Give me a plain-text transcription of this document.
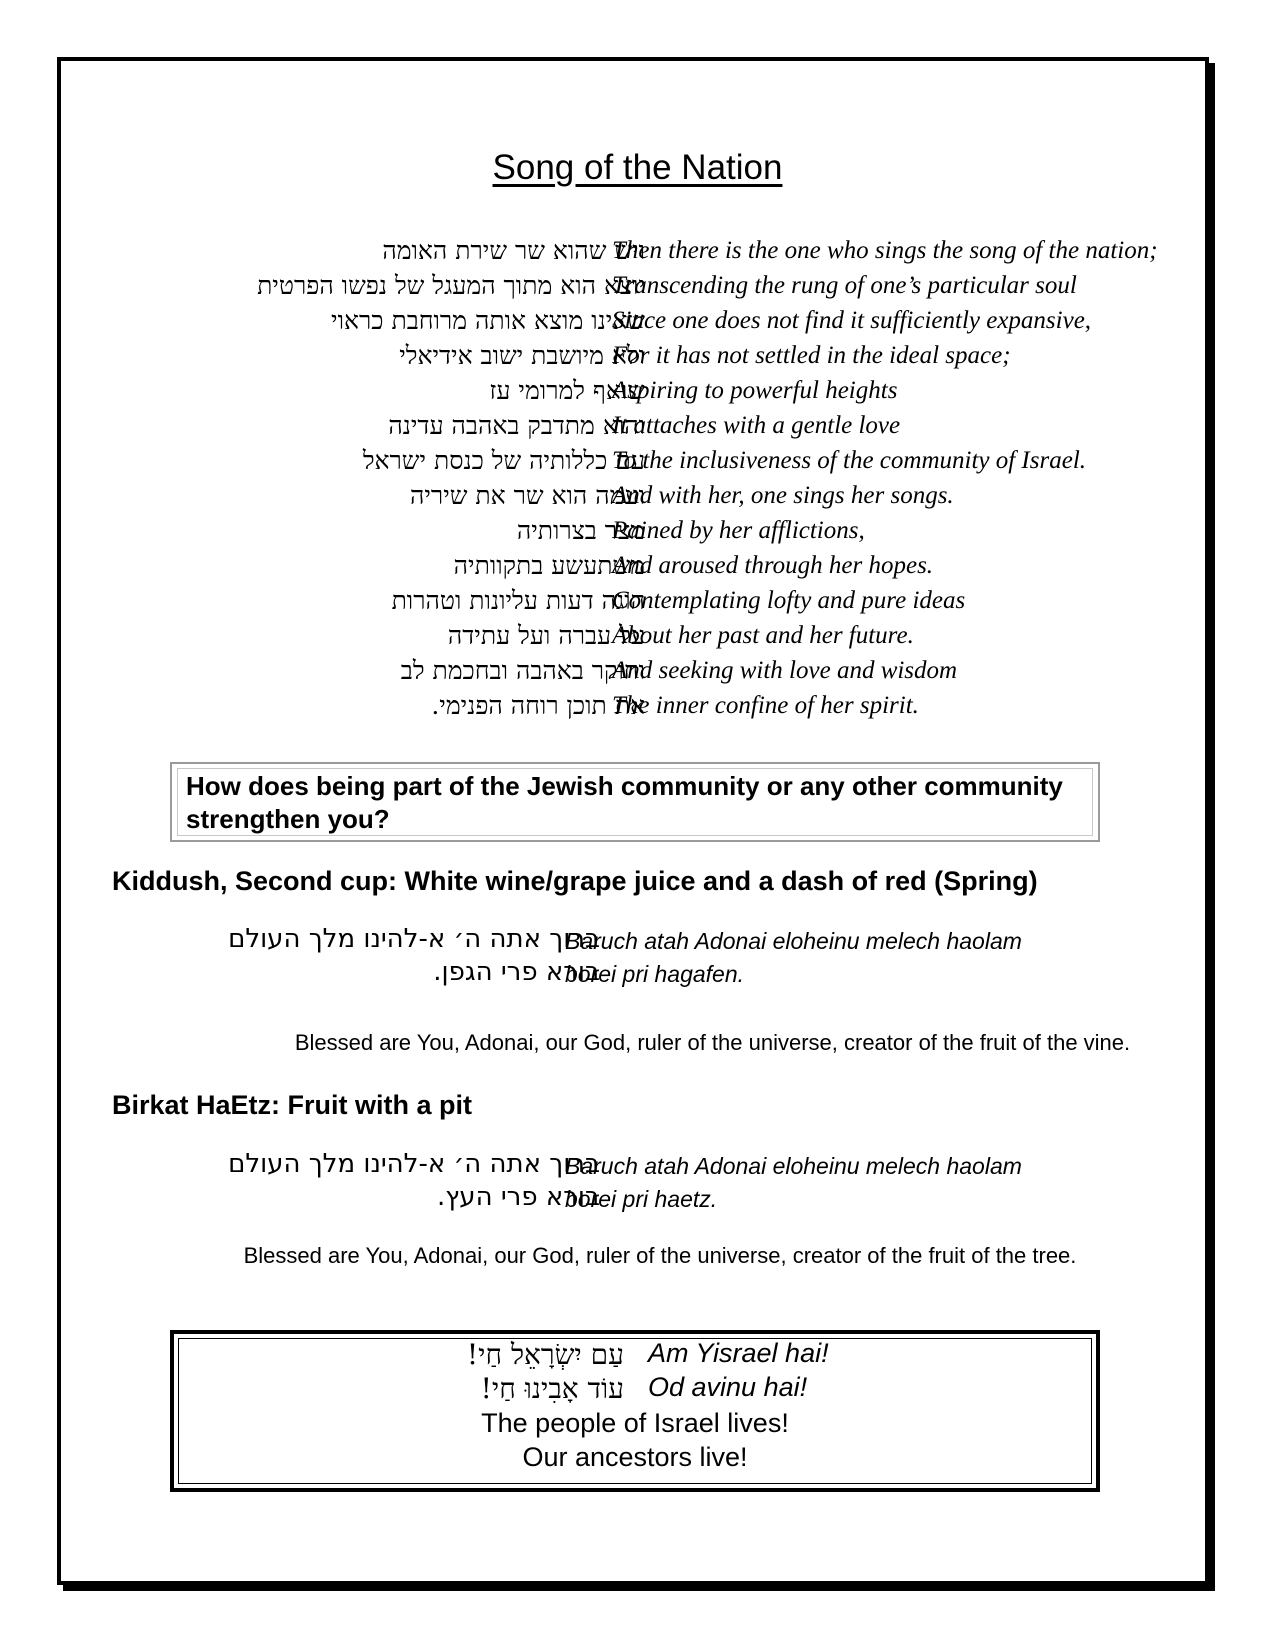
Song of the Nation
ויש שהוא שר שירת האומה
Then there is the one who sings the song of the nation;
יוצא הוא מתוך המעגל של נפשו הפרטית
Transcending the rung of one’s particular soul
שאינו מוצא אותה מרוחבת כראוי
Since one does not find it sufficiently expansive,
ולא מיושבת ישוב אידיאלי
For it has not settled in the ideal space;
שואף למרומי עז
Aspiring to powerful heights
והוא מתדבק באהבה עדינה
It attaches with a gentle love
עם כללותיה של כנסת ישראל
To the inclusiveness of the community of Israel.
ועמה הוא שר את שיריה
And with her, one sings her songs.
מצר בצרותיה
Pained by her afflictions,
משתעשע בתקוותיה
And aroused through her hopes.
הוגה דעות עליונות וטהרות
Contemplating lofty and pure ideas
על עברה ועל עתידה
About her past and her future.
וחוקר באהבה ובחכמת לב
And seeking with love and wisdom
את תוכן רוחה הפנימי.
The inner confine of her spirit.
How does being part of the Jewish community or any other community strengthen you?
Kiddush, Second cup: White wine/grape juice and a dash of red (Spring)
ברוך אתה ה׳ א-להינו מלך העולם
בורא פרי הגפן.
Baruch atah Adonai eloheinu melech haolam
borei pri hagafen.
Blessed are You, Adonai, our God, ruler of the universe, creator of the fruit of the vine.
Birkat HaEtz: Fruit with a pit
ברוך אתה ה׳ א-להינו מלך העולם
בורא פרי העץ.
Baruch atah Adonai eloheinu melech haolam
borei pri haetz.
Blessed are You, Adonai, our God, ruler of the universe, creator of the fruit of the tree.
עַם יִשְׂרָאֵל חַי!
עוֹד אָבִינוּ חַי!
Am Yisrael hai!
Od avinu hai!
The people of Israel lives!
Our ancestors live!
